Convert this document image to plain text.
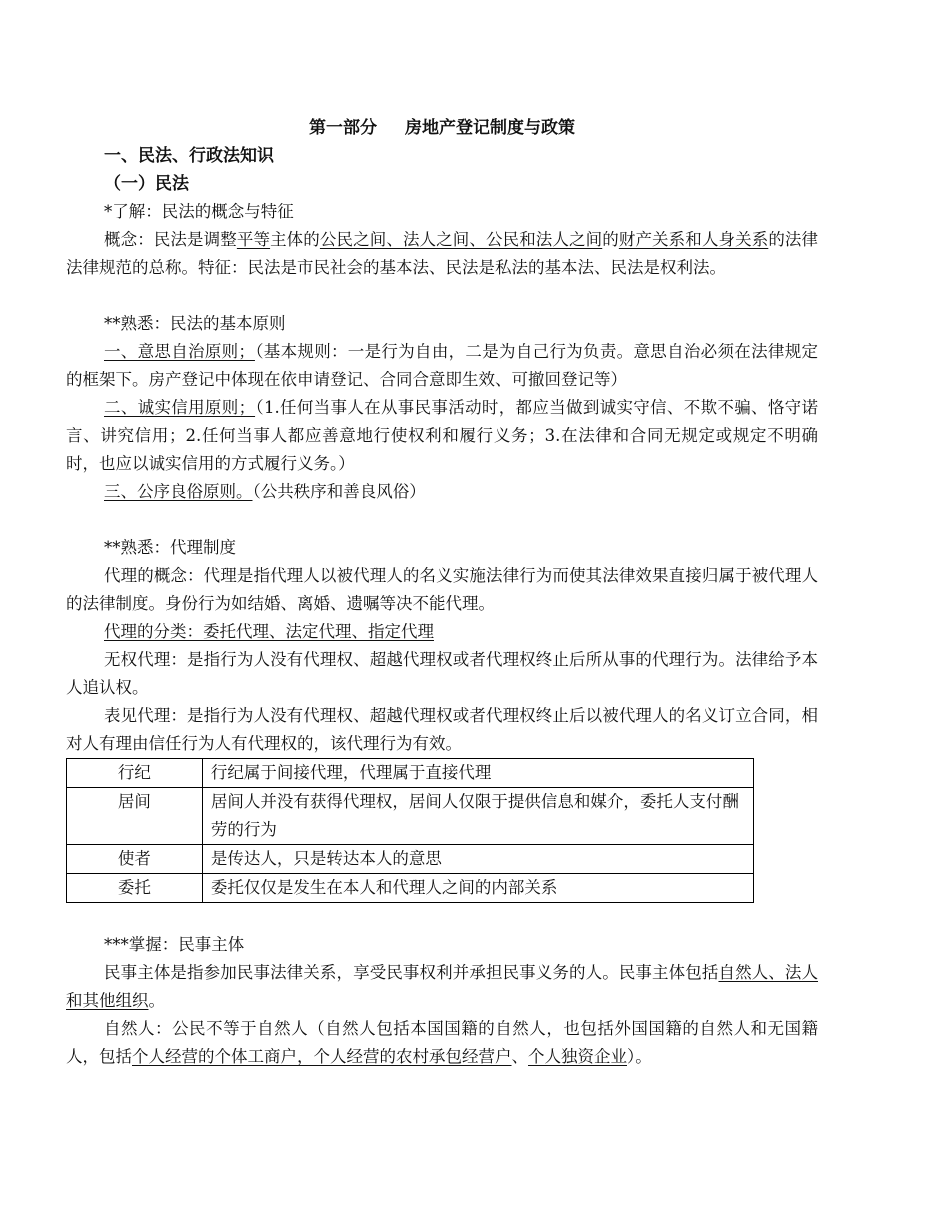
第一部分 房地产登记制度与政策
一、民法、行政法知识
（一）民法
*了解：民法的概念与特征
概念：民法是调整平等主体的公民之间、法人之间、公民和法人之间的财产关系和人身关系的法律法律规范的总称。特征：民法是市民社会的基本法、民法是私法的基本法、民法是权利法。
**熟悉：民法的基本原则
一、意思自治原则；（基本规则：一是行为自由，二是为自己行为负责。意思自治必须在法律规定的框架下。房产登记中体现在依申请登记、合同合意即生效、可撤回登记等）
二、诚实信用原则；（1.任何当事人在从事民事活动时，都应当做到诚实守信、不欺不骗、恪守诺言、讲究信用；2.任何当事人都应善意地行使权利和履行义务；3.在法律和合同无规定或规定不明确时，也应以诚实信用的方式履行义务。）
三、公序良俗原则。（公共秩序和善良风俗）
**熟悉：代理制度
代理的概念：代理是指代理人以被代理人的名义实施法律行为而使其法律效果直接归属于被代理人的法律制度。身份行为如结婚、离婚、遗嘱等决不能代理。
代理的分类：委托代理、法定代理、指定代理
无权代理：是指行为人没有代理权、超越代理权或者代理权终止后所从事的代理行为。法律给予本人追认权。
表见代理：是指行为人没有代理权、超越代理权或者代理权终止后以被代理人的名义订立合同，相对人有理由信任行为人有代理权的，该代理行为有效。
行纪	行纪属于间接代理，代理属于直接代理
居间	居间人并没有获得代理权，居间人仅限于提供信息和媒介，委托人支付酬劳的行为
使者	是传达人，只是转达本人的意思
委托	委托仅仅是发生在本人和代理人之间的内部关系
***掌握：民事主体
民事主体是指参加民事法律关系，享受民事权利并承担民事义务的人。民事主体包括自然人、法人和其他组织。
自然人：公民不等于自然人（自然人包括本国国籍的自然人，也包括外国国籍的自然人和无国籍人，包括个人经营的个体工商户，个人经营的农村承包经营户、个人独资企业）。
